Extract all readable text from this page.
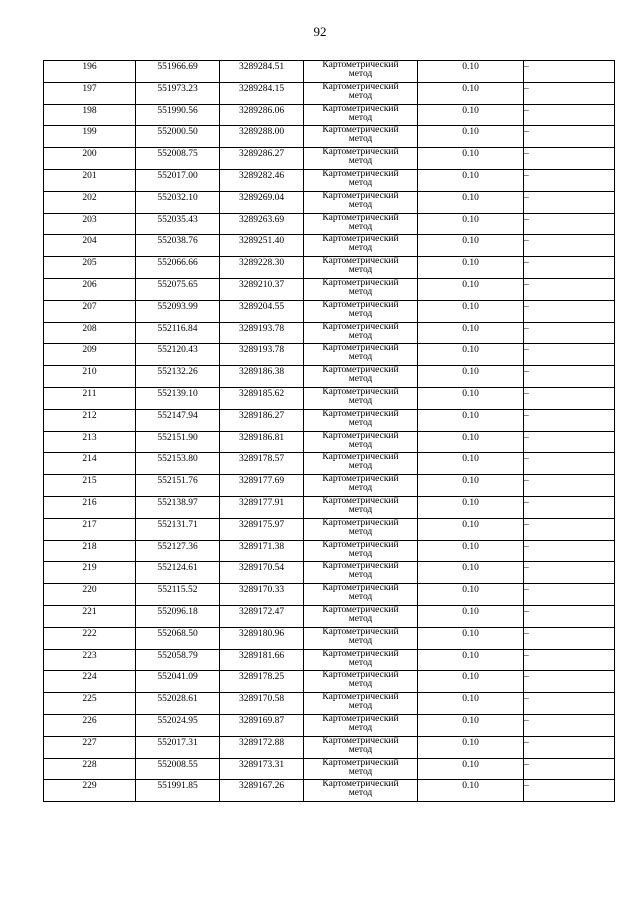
92
196	551966.69	3289284.51	Картометрический
метод	0.10	–
197	551973.23	3289284.15	Картометрический
метод	0.10	–
198	551990.56	3289286.06	Картометрический
метод	0.10	–
199	552000.50	3289288.00	Картометрический
метод	0.10	–
200	552008.75	3289286.27	Картометрический
метод	0.10	–
201	552017.00	3289282.46	Картометрический
метод	0.10	–
202	552032.10	3289269.04	Картометрический
метод	0.10	–
203	552035.43	3289263.69	Картометрический
метод	0.10	–
204	552038.76	3289251.40	Картометрический
метод	0.10	–
205	552066.66	3289228.30	Картометрический
метод	0.10	–
206	552075.65	3289210.37	Картометрический
метод	0.10	–
207	552093.99	3289204.55	Картометрический
метод	0.10	–
208	552116.84	3289193.78	Картометрический
метод	0.10	–
209	552120.43	3289193.78	Картометрический
метод	0.10	–
210	552132.26	3289186.38	Картометрический
метод	0.10	–
211	552139.10	3289185.62	Картометрический
метод	0.10	–
212	552147.94	3289186.27	Картометрический
метод	0.10	–
213	552151.90	3289186.81	Картометрический
метод	0.10	–
214	552153.80	3289178.57	Картометрический
метод	0.10	–
215	552151.76	3289177.69	Картометрический
метод	0.10	–
216	552138.97	3289177.91	Картометрический
метод	0.10	–
217	552131.71	3289175.97	Картометрический
метод	0.10	–
218	552127.36	3289171.38	Картометрический
метод	0.10	–
219	552124.61	3289170.54	Картометрический
метод	0.10	–
220	552115.52	3289170.33	Картометрический
метод	0.10	–
221	552096.18	3289172.47	Картометрический
метод	0.10	–
222	552068.50	3289180.96	Картометрический
метод	0.10	–
223	552058.79	3289181.66	Картометрический
метод	0.10	–
224	552041.09	3289178.25	Картометрический
метод	0.10	–
225	552028.61	3289170.58	Картометрический
метод	0.10	–
226	552024.95	3289169.87	Картометрический
метод	0.10	–
227	552017.31	3289172.88	Картометрический
метод	0.10	–
228	552008.55	3289173.31	Картометрический
метод	0.10	–
229	551991.85	3289167.26	Картометрический
метод	0.10	–
